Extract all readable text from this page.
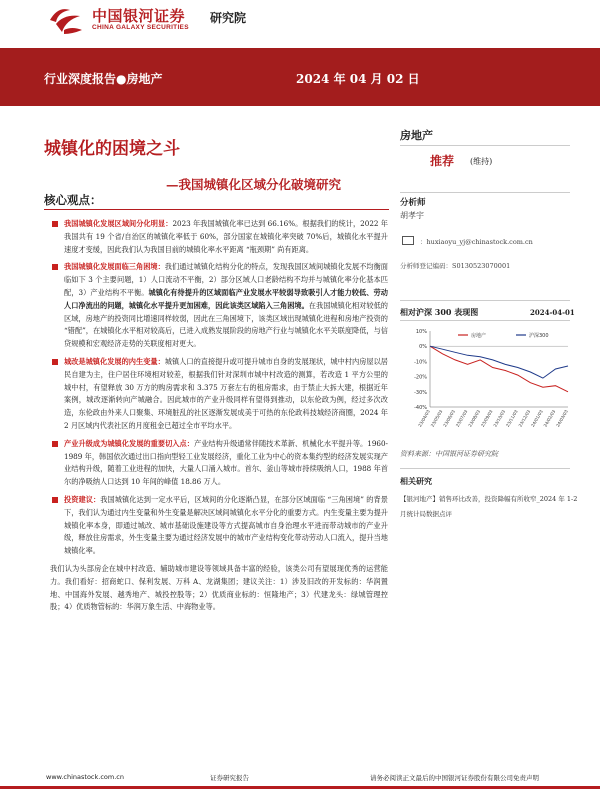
中国银河证券
CHINA GALAXY SECURITIES
研究院
行业深度报告●房地产	2024 年 04 月 02 日
城镇化的困境之斗
—我国城镇化区域分化破境研究
核心观点：
我国城镇化发展区域间分化明显：2023 年我国城镇化率已达到 66.16%。根据我们的统计，2022 年我国共有 19 个省/自治区的城镇化率低于 60%，部分国家在城镇化率突破 70%后，城镇化水平提升速度才变缓，因此我们认为我国目前的城镇化率水平距离 “瓶颈期” 尚有距离。
我国城镇化发展面临三角困境：我们通过城镇化结构分化的特点，发现我国区域间城镇化发展不均衡面临如下 3 个主要问题，1）人口流动不平衡，2）部分区域人口老龄结构不均并与城镇化率分化基本匹配，3）产业结构不平衡。城镇化有待提升的区域面临产业发展水平较弱导致吸引人才能力较低、劳动人口净流出的问题，城镇化水平提升更加困难，因此该类区域陷入三角困境。在我国城镇化相对较低的区域，房地产的投资同比增速同样较弱，因此在三角困境下，该类区域出现城镇化进程和房地产投资的 “错配”，在城镇化水平相对较高后，已进入成熟发展阶段的房地产行业与城镇化水平关联度降低，与信贷规模和宏观经济走势的关联度相对更大。
城改是城镇化发展的内生变量：城镇人口的直接提升或可提升城市自身的发展现状，城中村内房屋以居民自建为主，住户居住环境相对较差，根据我们针对深圳市城中村改造的测算，若改造 1 平方公里的城中村，有望释放 30 万方的购房需求和 3.375 万套左右的租房需求，由于禁止大拆大建，根据近年案例，城改逐渐转向产城融合。因此城市的产业升级同样有望得到推动，以东伦政为例，经过多次改造，东伦政由外来人口聚集、环境脏乱的社区逐渐发展成美于可热的东伦政科技城经济商圈，2024 年 2 月区域内代表社区的月度租金已超过全市平均水平。
产业升级成为城镇化发展的重要切入点：产业结构升级通常伴随技术革新、机械化水平提升等。1960-1989 年，韩国依次通过出口指向型轻工业发展经济，重化工业为中心的资本集约型的经济发展实现产业结构升级，随着工业进程的加快，大量人口涌入城市。首尔、釜山等城市持续吸纳人口，1988 年首尔的净吸纳人口达到 10 年间的峰值 18.86 万人。
投资建议：我国城镇化达到一定水平后，区域间的分化逐渐凸显，在部分区域面临 “三角困境” 的背景下，我们认为通过内生变量和外生变量是解决区域间城镇化水平分化的重要方式。内生变量主要为提升城镇化率本身，即通过城改、城市基础设施建设等方式提高城市自身治理水平进而带动城市的产业升级，释放住房需求，外生变量主要为通过经济发展中的城市产业结构变化带动劳动人口流入，提升当地城镇化率。
我们认为头部房企在城中村改造、辅助城市建设等领域具备丰富的经验，该类公司有望展现优秀的运营能力。我们看好：招商蛇口、保利发展、万科 A、龙湖集团；建议关注：1）涉及旧改的开发标的：华润置地、中国海外发展、越秀地产、城投控股等；2）优质商业标的：恒隆地产；3）代建龙头：绿城管理控股；4）优质物管标的：华润万象生活、中海物业等。
房地产
推荐 (维持)
分析师
胡孝宇
：huxiaoyu_yj@chinastock.com.cn
分析师登记编码：S0130523070001
相对沪深 300 表现图	2024-04-01
10%
0%
-10%
-20%
-30%
-40%
23/04/03
23/05/03
23/06/03
23/07/03
23/08/03
23/09/03
23/10/03
23/11/03
23/12/03
24/01/03
24/02/03
24/03/03
房地产	沪深300
资料来源：中国银河证券研究院
相关研究
【银河地产】销售环比改善，投资降幅有所收窄_2024 年 1-2 月统计局数据点评
www.chinastock.com.cn	证券研究报告	请务必阅读正文最后的中国银河证券股份有限公司免责声明
